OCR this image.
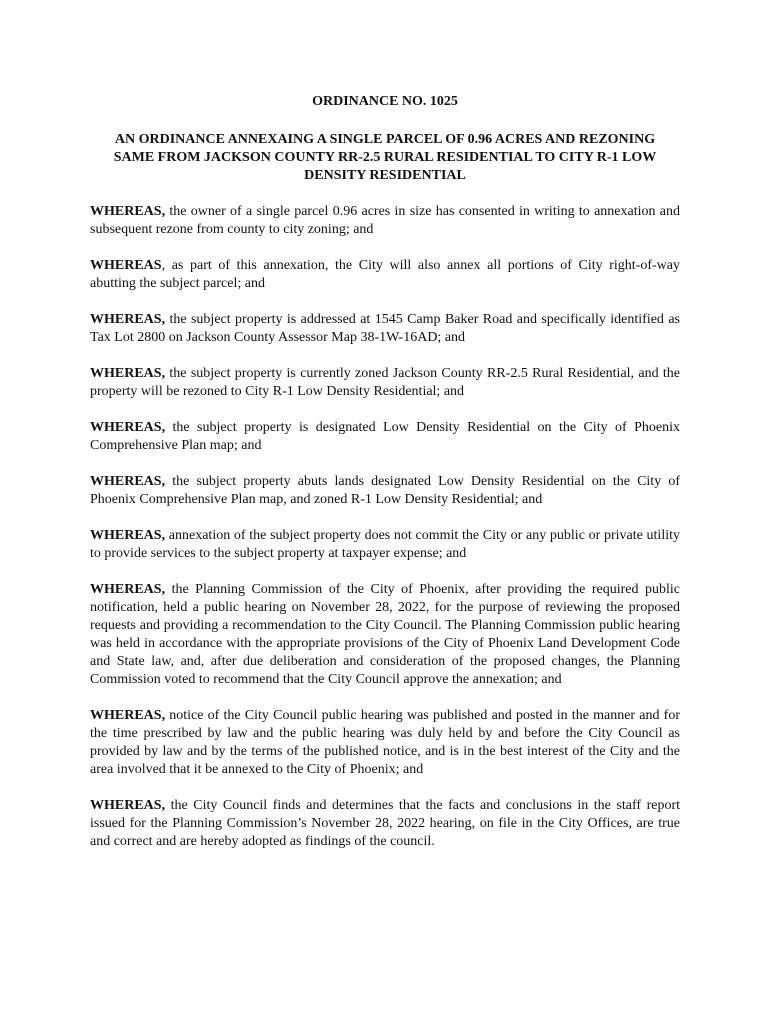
ORDINANCE NO. 1025

AN ORDINANCE ANNEXAING A SINGLE PARCEL OF 0.96 ACRES AND REZONING SAME FROM JACKSON COUNTY RR-2.5 RURAL RESIDENTIAL TO CITY R-1 LOW DENSITY RESIDENTIAL

WHEREAS, the owner of a single parcel 0.96 acres in size has consented in writing to annexation and subsequent rezone from county to city zoning; and

WHEREAS, as part of this annexation, the City will also annex all portions of City right-of-way abutting the subject parcel; and

WHEREAS, the subject property is addressed at 1545 Camp Baker Road and specifically identified as Tax Lot 2800 on Jackson County Assessor Map 38-1W-16AD; and

WHEREAS, the subject property is currently zoned Jackson County RR-2.5 Rural Residential, and the property will be rezoned to City R-1 Low Density Residential; and

WHEREAS, the subject property is designated Low Density Residential on the City of Phoenix Comprehensive Plan map; and

WHEREAS, the subject property abuts lands designated Low Density Residential on the City of Phoenix Comprehensive Plan map, and zoned R-1 Low Density Residential; and

WHEREAS, annexation of the subject property does not commit the City or any public or private utility to provide services to the subject property at taxpayer expense; and

WHEREAS, the Planning Commission of the City of Phoenix, after providing the required public notification, held a public hearing on November 28, 2022, for the purpose of reviewing the proposed requests and providing a recommendation to the City Council. The Planning Commission public hearing was held in accordance with the appropriate provisions of the City of Phoenix Land Development Code and State law, and, after due deliberation and consideration of the proposed changes, the Planning Commission voted to recommend that the City Council approve the annexation; and

WHEREAS, notice of the City Council public hearing was published and posted in the manner and for the time prescribed by law and the public hearing was duly held by and before the City Council as provided by law and by the terms of the published notice, and is in the best interest of the City and the area involved that it be annexed to the City of Phoenix; and

WHEREAS, the City Council finds and determines that the facts and conclusions in the staff report issued for the Planning Commission’s November 28, 2022 hearing, on file in the City Offices, are true and correct and are hereby adopted as findings of the council.
